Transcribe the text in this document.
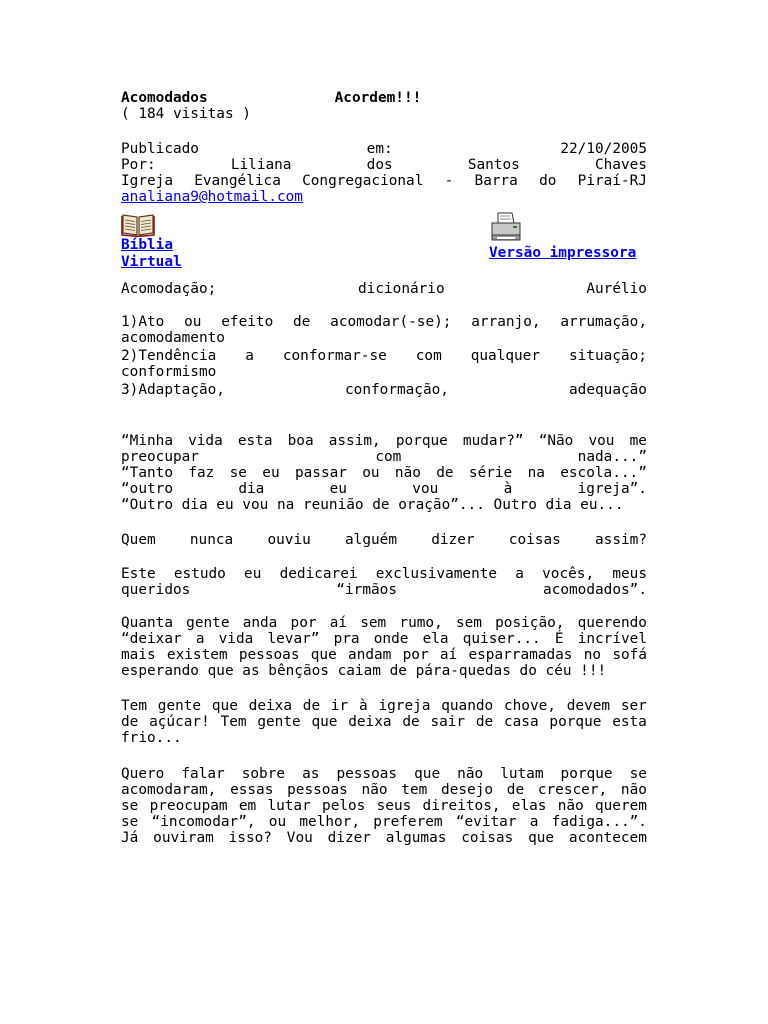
Acomodados	Acordem!!!
( 184 visitas )
Publicado	em:	22/10/2005
Por:	Liliana	dos	Santos	Chaves
Igreja Evangélica Congregacional - Barra do Piraí-RJ
analiana9@hotmail.com
Bíblia
Virtual
Versão impressora
Acomodação;	dicionário	Aurélio
1)Ato ou efeito de acomodar(-se); arranjo, arrumação,
acomodamento
2)Tendência a conformar-se com qualquer situação;
conformismo
3)Adaptação,	conformação,	adequação
“Minha vida esta boa assim, porque mudar?” “Não vou me
preocupar	com	nada...”
“Tanto faz se eu passar ou não de série na escola...”
“outro	dia	eu	vou	à	igreja”.
“Outro dia eu vou na reunião de oração”... Outro dia eu...
Quem nunca ouviu alguém dizer coisas assim?
Este estudo eu dedicarei exclusivamente a vocês, meus
queridos	“irmãos	acomodados”.
Quanta gente anda por aí sem rumo, sem posição, querendo
“deixar a vida levar” pra onde ela quiser... É incrível
mais existem pessoas que andam por aí esparramadas no sofá
esperando que as bênçãos caiam de pára-quedas do céu !!!
Tem gente que deixa de ir à igreja quando chove, devem ser
de açúcar! Tem gente que deixa de sair de casa porque esta
frio...
Quero falar sobre as pessoas que não lutam porque se
acomodaram, essas pessoas não tem desejo de crescer, não
se preocupam em lutar pelos seus direitos, elas não querem
se “incomodar”, ou melhor, preferem “evitar a fadiga...”.
Já ouviram isso? Vou dizer algumas coisas que acontecem
